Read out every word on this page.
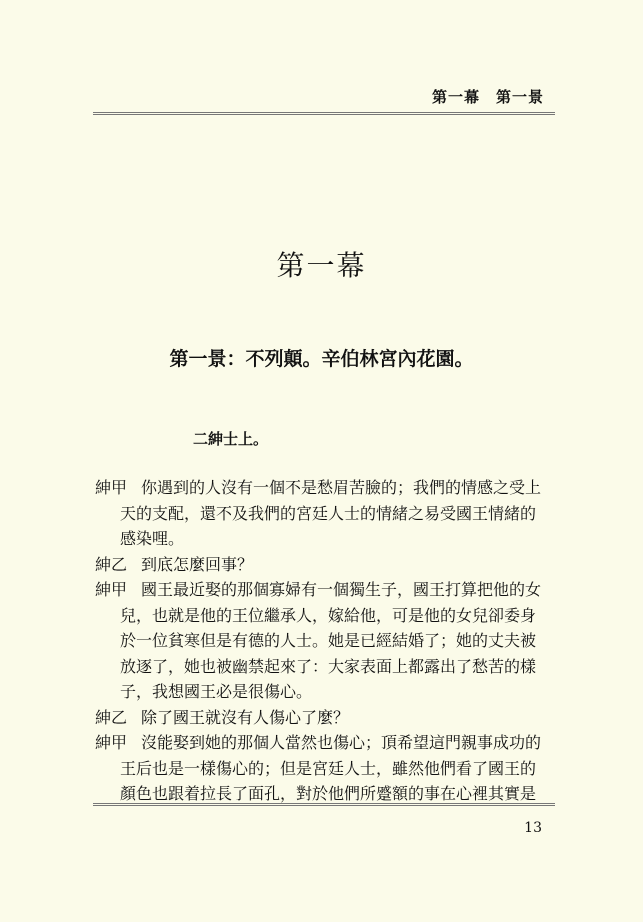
第一幕　第一景
第一幕
第一景：不列顛。辛伯林宮內花園。
二紳士上。
紳甲 你遇到的人沒有一個不是愁眉苦臉的；我們的情感之受上
天的支配，還不及我們的宮廷人士的情緒之易受國王情緒的
感染哩。
紳乙 到底怎麼回事？
紳甲 國王最近娶的那個寡婦有一個獨生子，國王打算把他的女
兒，也就是他的王位繼承人，嫁給他，可是他的女兒卻委身
於一位貧寒但是有德的人士。她是已經結婚了；她的丈夫被
放逐了，她也被幽禁起來了：大家表面上都露出了愁苦的樣
子，我想國王必是很傷心。
紳乙 除了國王就沒有人傷心了麼？
紳甲 沒能娶到她的那個人當然也傷心；頂希望這門親事成功的
王后也是一樣傷心的；但是宮廷人士，雖然他們看了國王的
顏色也跟着拉長了面孔，對於他們所蹙額的事在心裡其實是
13
